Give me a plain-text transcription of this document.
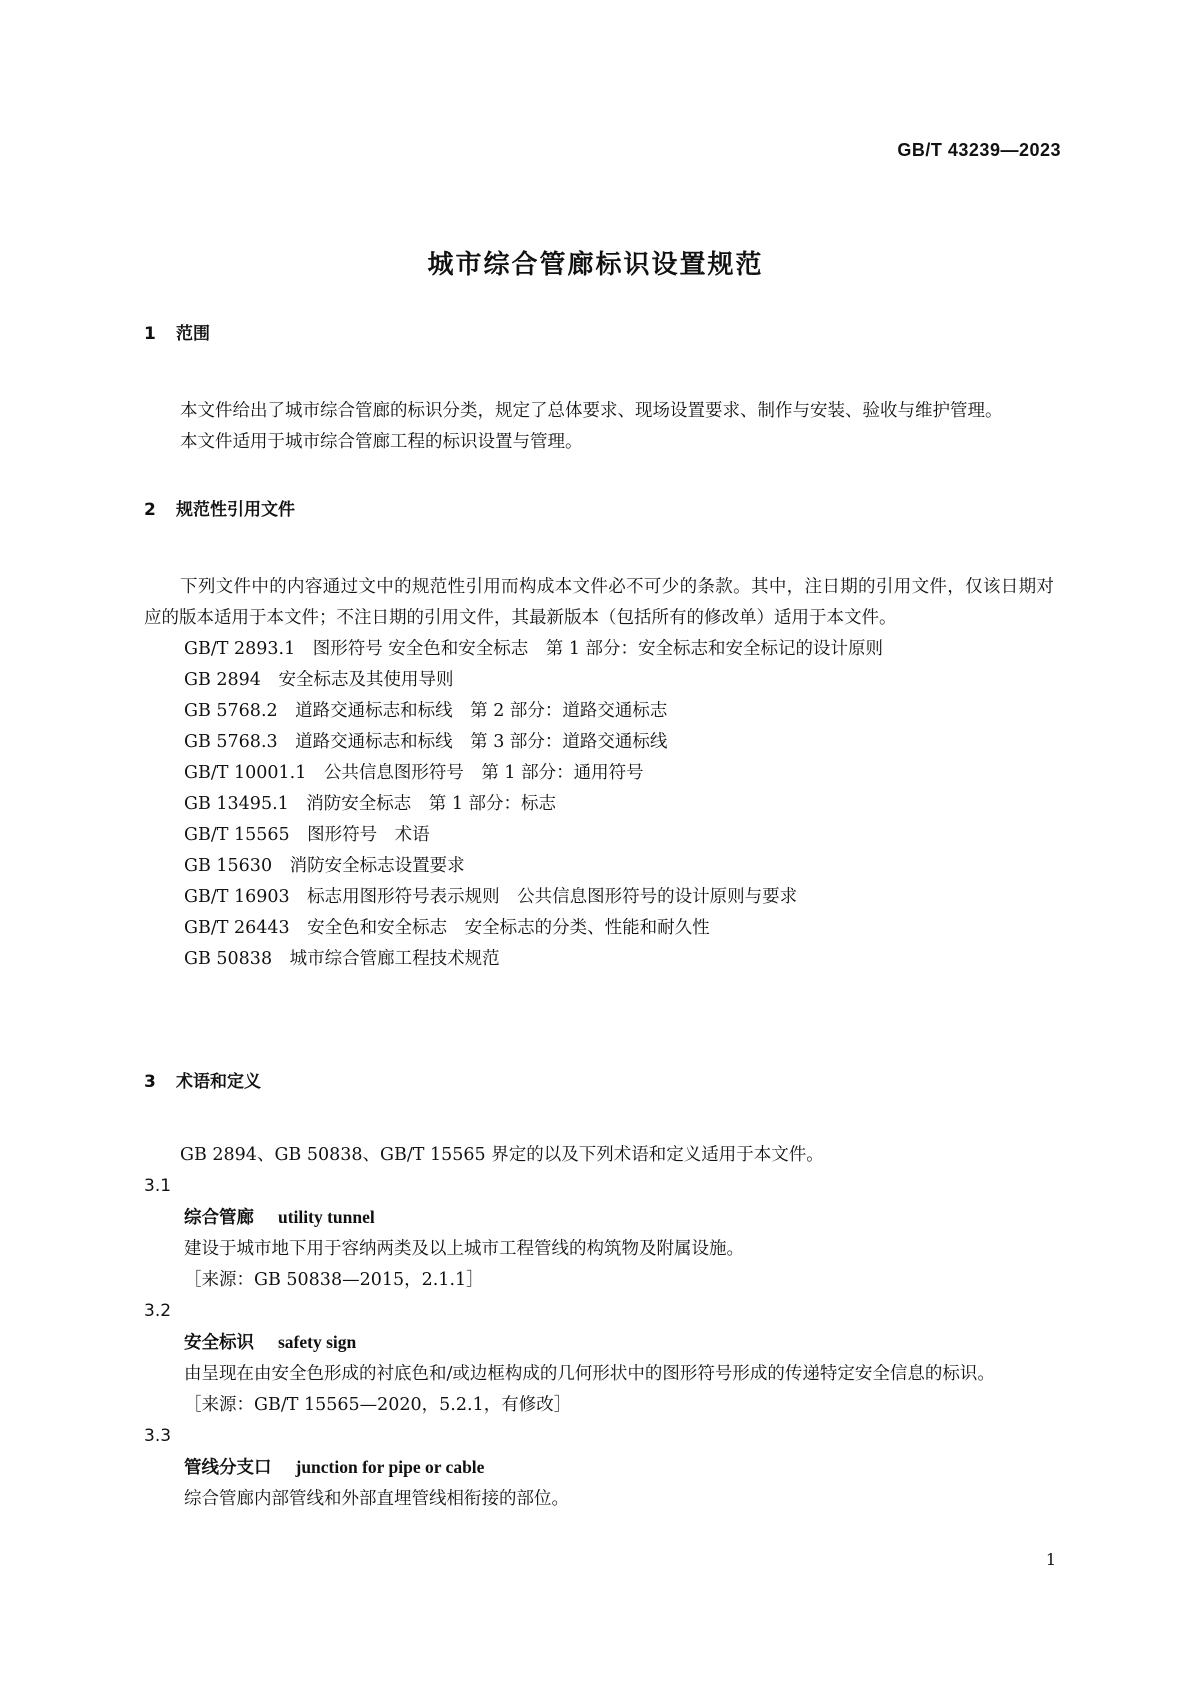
GB/T 43239—2023
城市综合管廊标识设置规范
1 范围

本文件给出了城市综合管廊的标识分类，规定了总体要求、现场设置要求、制作与安装、验收与维护管理。

本文件适用于城市综合管廊工程的标识设置与管理。

2 规范性引用文件

下列文件中的内容通过文中的规范性引用而构成本文件必不可少的条款。其中，注日期的引用文件，仅该日期对应的版本适用于本文件；不注日期的引用文件，其最新版本（包括所有的修改单）适用于本文件。

GB/T 2893.1　图形符号 安全色和安全标志　第 1 部分：安全标志和安全标记的设计原则

GB 2894　安全标志及其使用导则

GB 5768.2　道路交通标志和标线　第 2 部分：道路交通标志

GB 5768.3　道路交通标志和标线　第 3 部分：道路交通标线

GB/T 10001.1　公共信息图形符号　第 1 部分：通用符号

GB 13495.1　消防安全标志　第 1 部分：标志

GB/T 15565　图形符号　术语

GB 15630　消防安全标志设置要求

GB/T 16903　标志用图形符号表示规则　公共信息图形符号的设计原则与要求

GB/T 26443　安全色和安全标志　安全标志的分类、性能和耐久性

GB 50838　城市综合管廊工程技术规范

3 术语和定义

GB 2894、GB 50838、GB/T 15565 界定的以及下列术语和定义适用于本文件。

3.1

综合管廊 utility tunnel

建设于城市地下用于容纳两类及以上城市工程管线的构筑物及附属设施。

［来源：GB 50838—2015，2.1.1］

3.2

安全标识 safety sign

由呈现在由安全色形成的衬底色和/或边框构成的几何形状中的图形符号形成的传递特定安全信息的标识。

［来源：GB/T 15565—2020，5.2.1，有修改］

3.3

管线分支口 junction for pipe or cable

综合管廊内部管线和外部直埋管线相衔接的部位。

1
